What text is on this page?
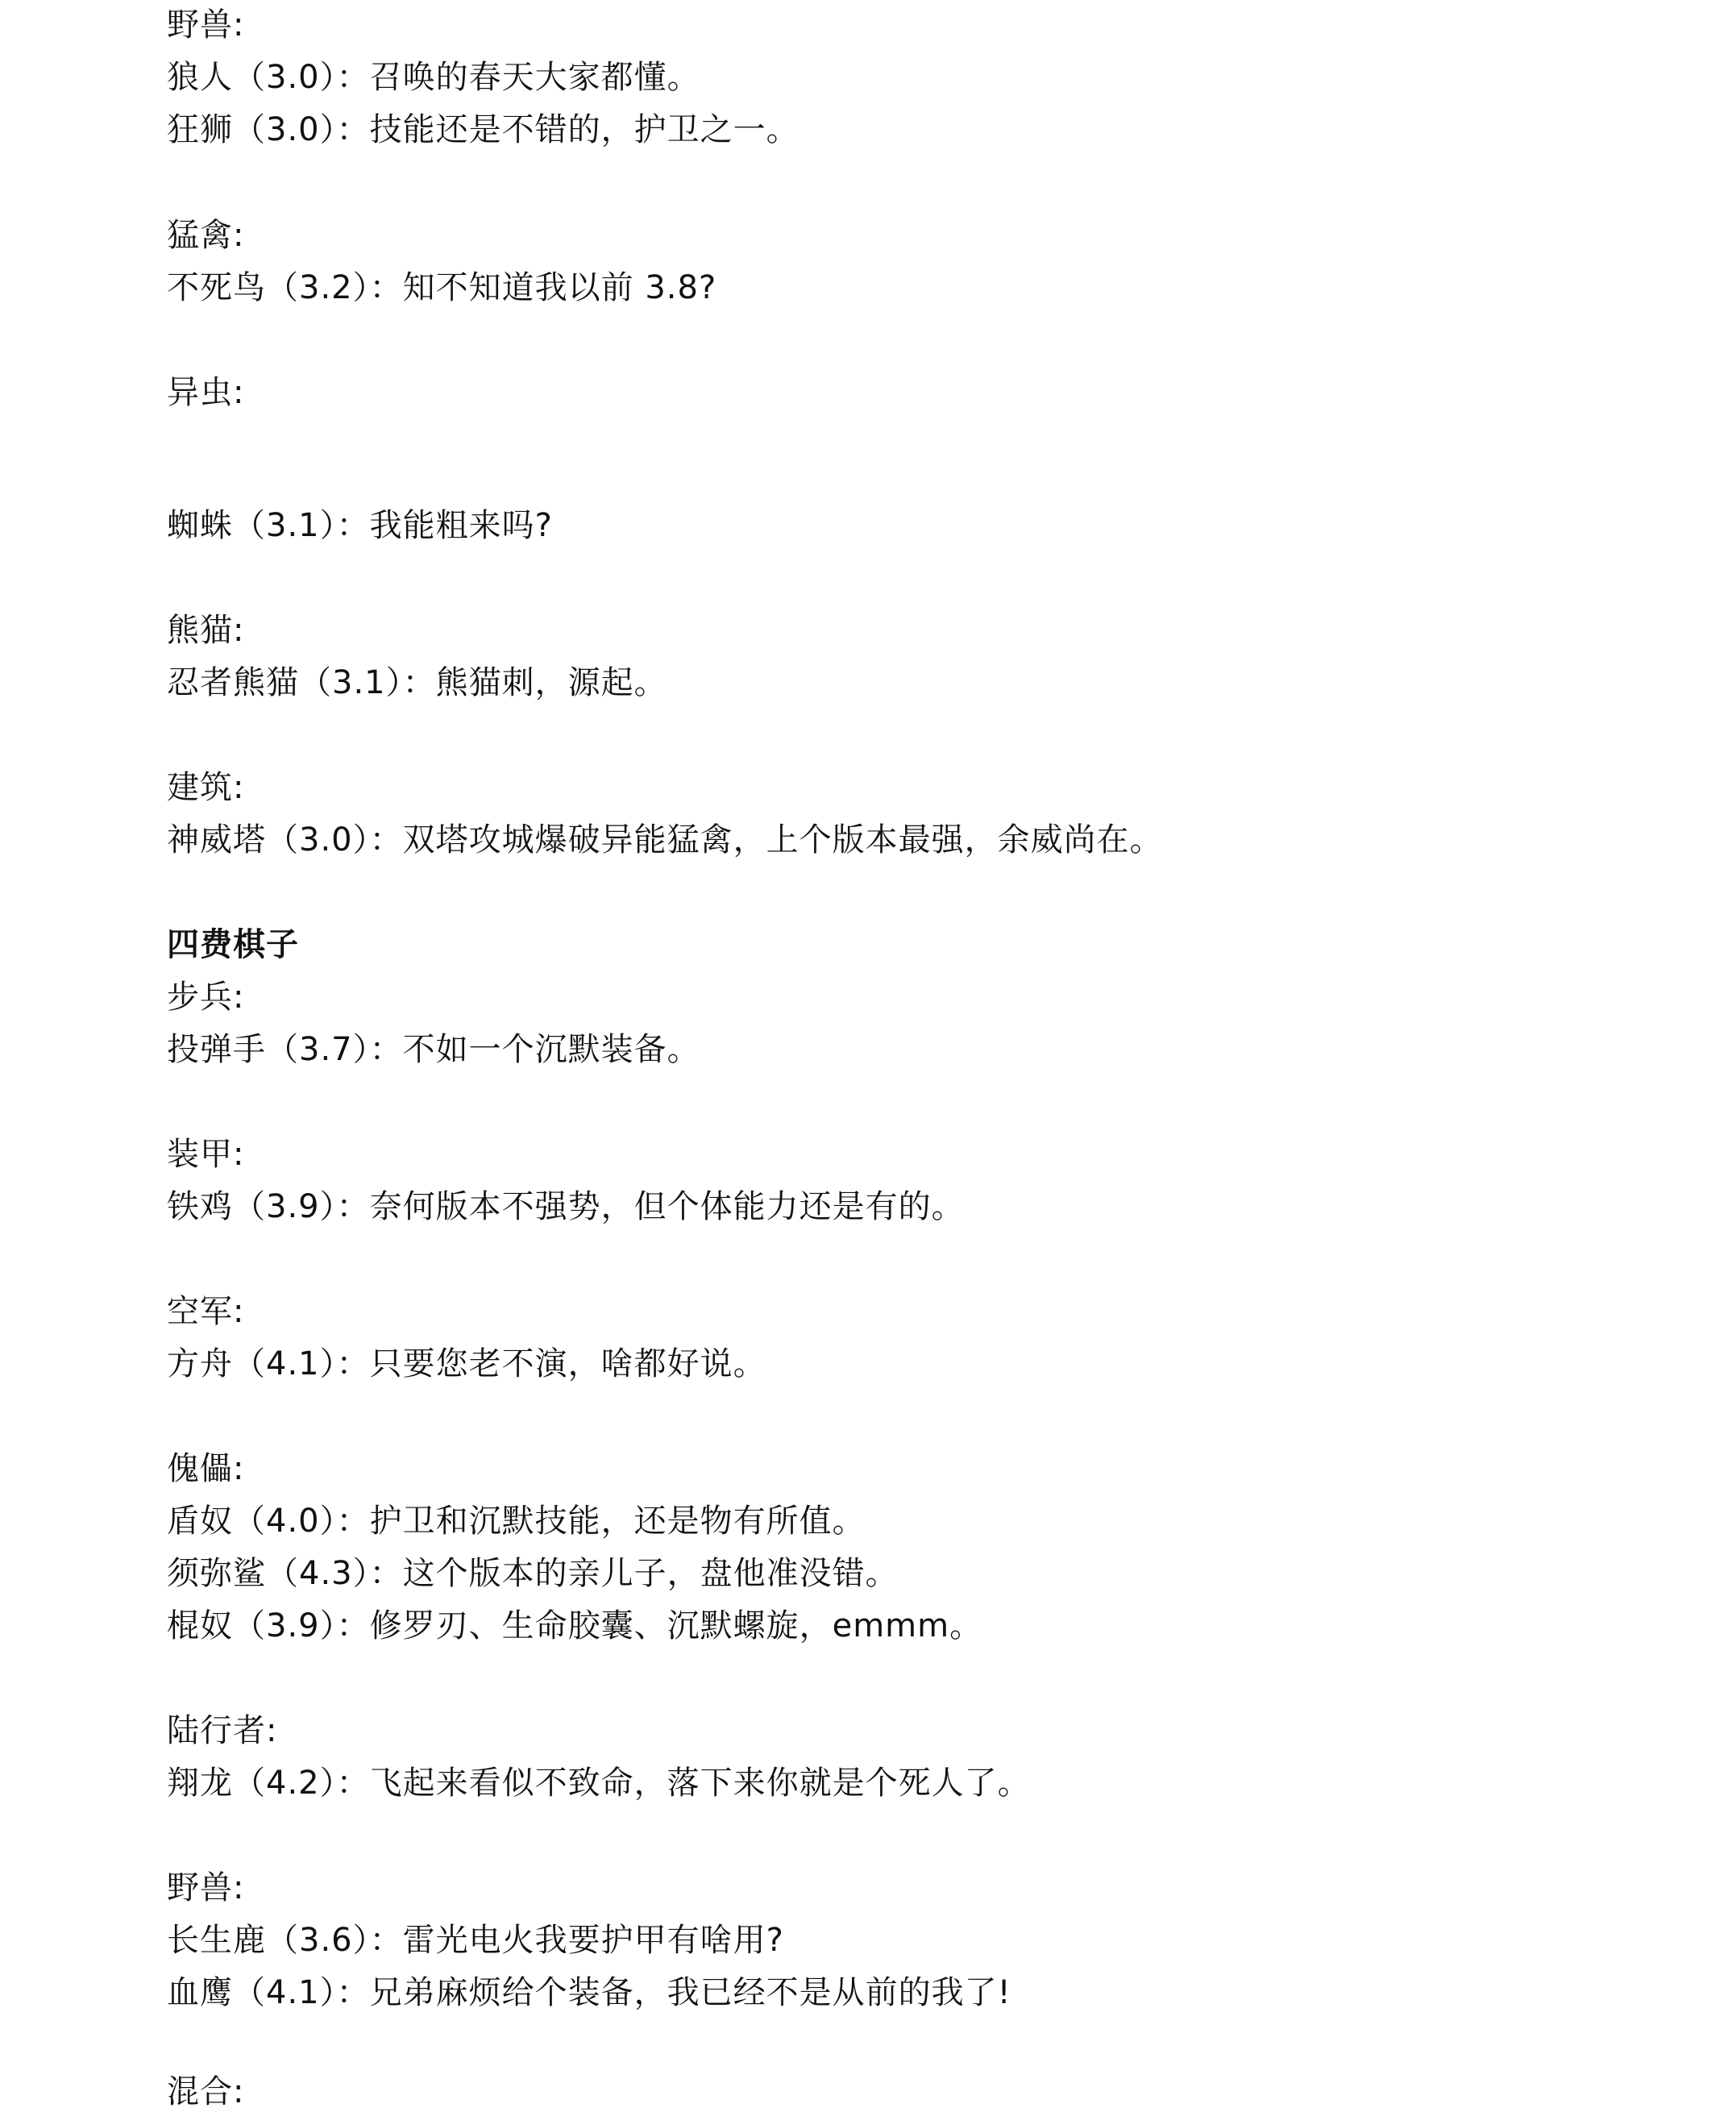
野兽:
狼人（3.0）：召唤的春天大家都懂。
狂狮（3.0）：技能还是不错的，护卫之一。
猛禽:
不死鸟（3.2）：知不知道我以前 3.8?
异虫:
蜘蛛（3.1）：我能粗来吗?
熊猫:
忍者熊猫（3.1）：熊猫刺，源起。
建筑:
神威塔（3.0）：双塔攻城爆破异能猛禽，上个版本最强，余威尚在。
四费棋子
步兵:
投弹手（3.7）：不如一个沉默装备。
装甲:
铁鸡（3.9）：奈何版本不强势，但个体能力还是有的。
空军:
方舟（4.1）：只要您老不演，啥都好说。
傀儡:
盾奴（4.0）：护卫和沉默技能，还是物有所值。
须弥鲨（4.3）：这个版本的亲儿子，盘他准没错。
棍奴（3.9）：修罗刃、生命胶囊、沉默螺旋，emmm。
陆行者:
翔龙（4.2）：飞起来看似不致命，落下来你就是个死人了。
野兽:
长生鹿（3.6）：雷光电火我要护甲有啥用?
血鹰（4.1）：兄弟麻烦给个装备，我已经不是从前的我了!
混合:
